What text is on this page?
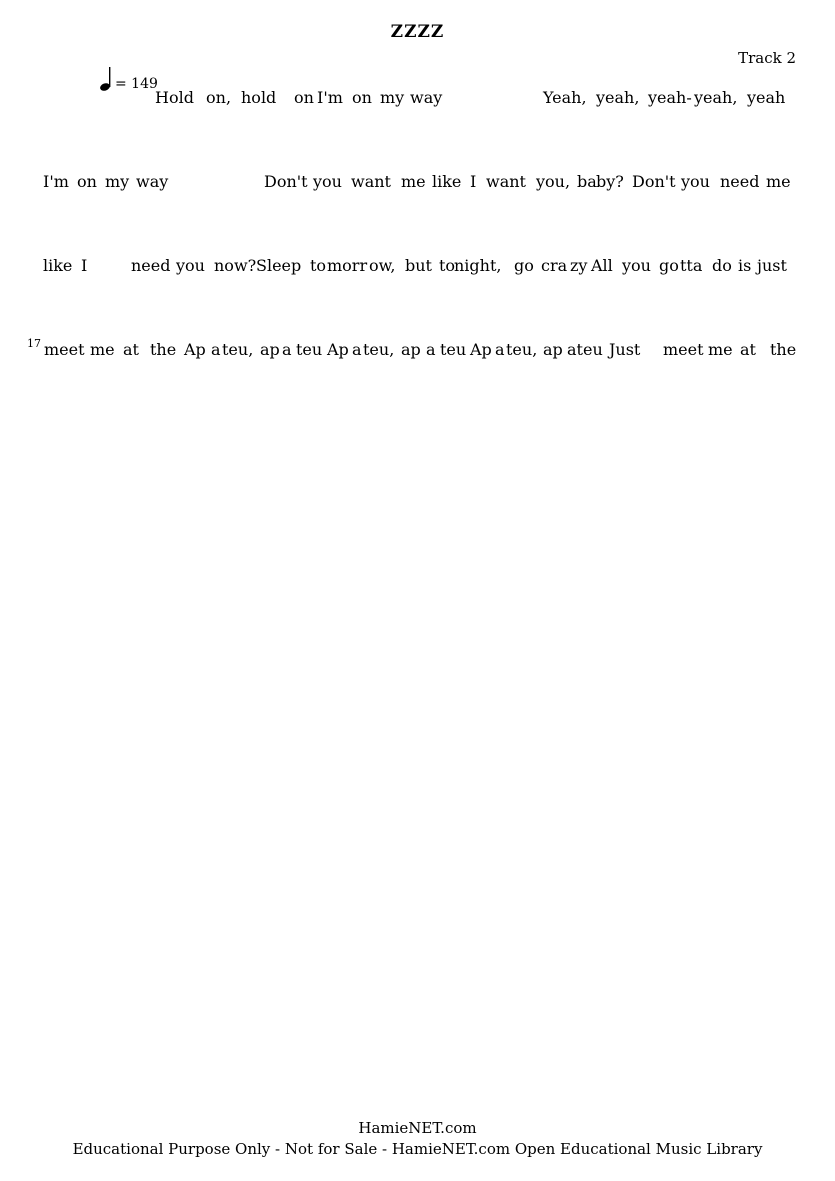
ZZZZ
Track 2
= 149
Hold on, hold on I'm on my way	Yeah, yeah, yeah- yeah, yeah
I'm on my way	Don't you want me like I want you, ba by? Don't you need me
like I	need you now? Sleep to morr ow, but to
night, go cra zy All you go tta do is just
17 meet me at the Ap a teu, ap a teu Ap a teu, ap a teu Ap a teu, ap ateu Just meet me at the
HamieNET.com
Educational Purpose Only - Not for Sale - HamieNET.com Open Educational Music Library
